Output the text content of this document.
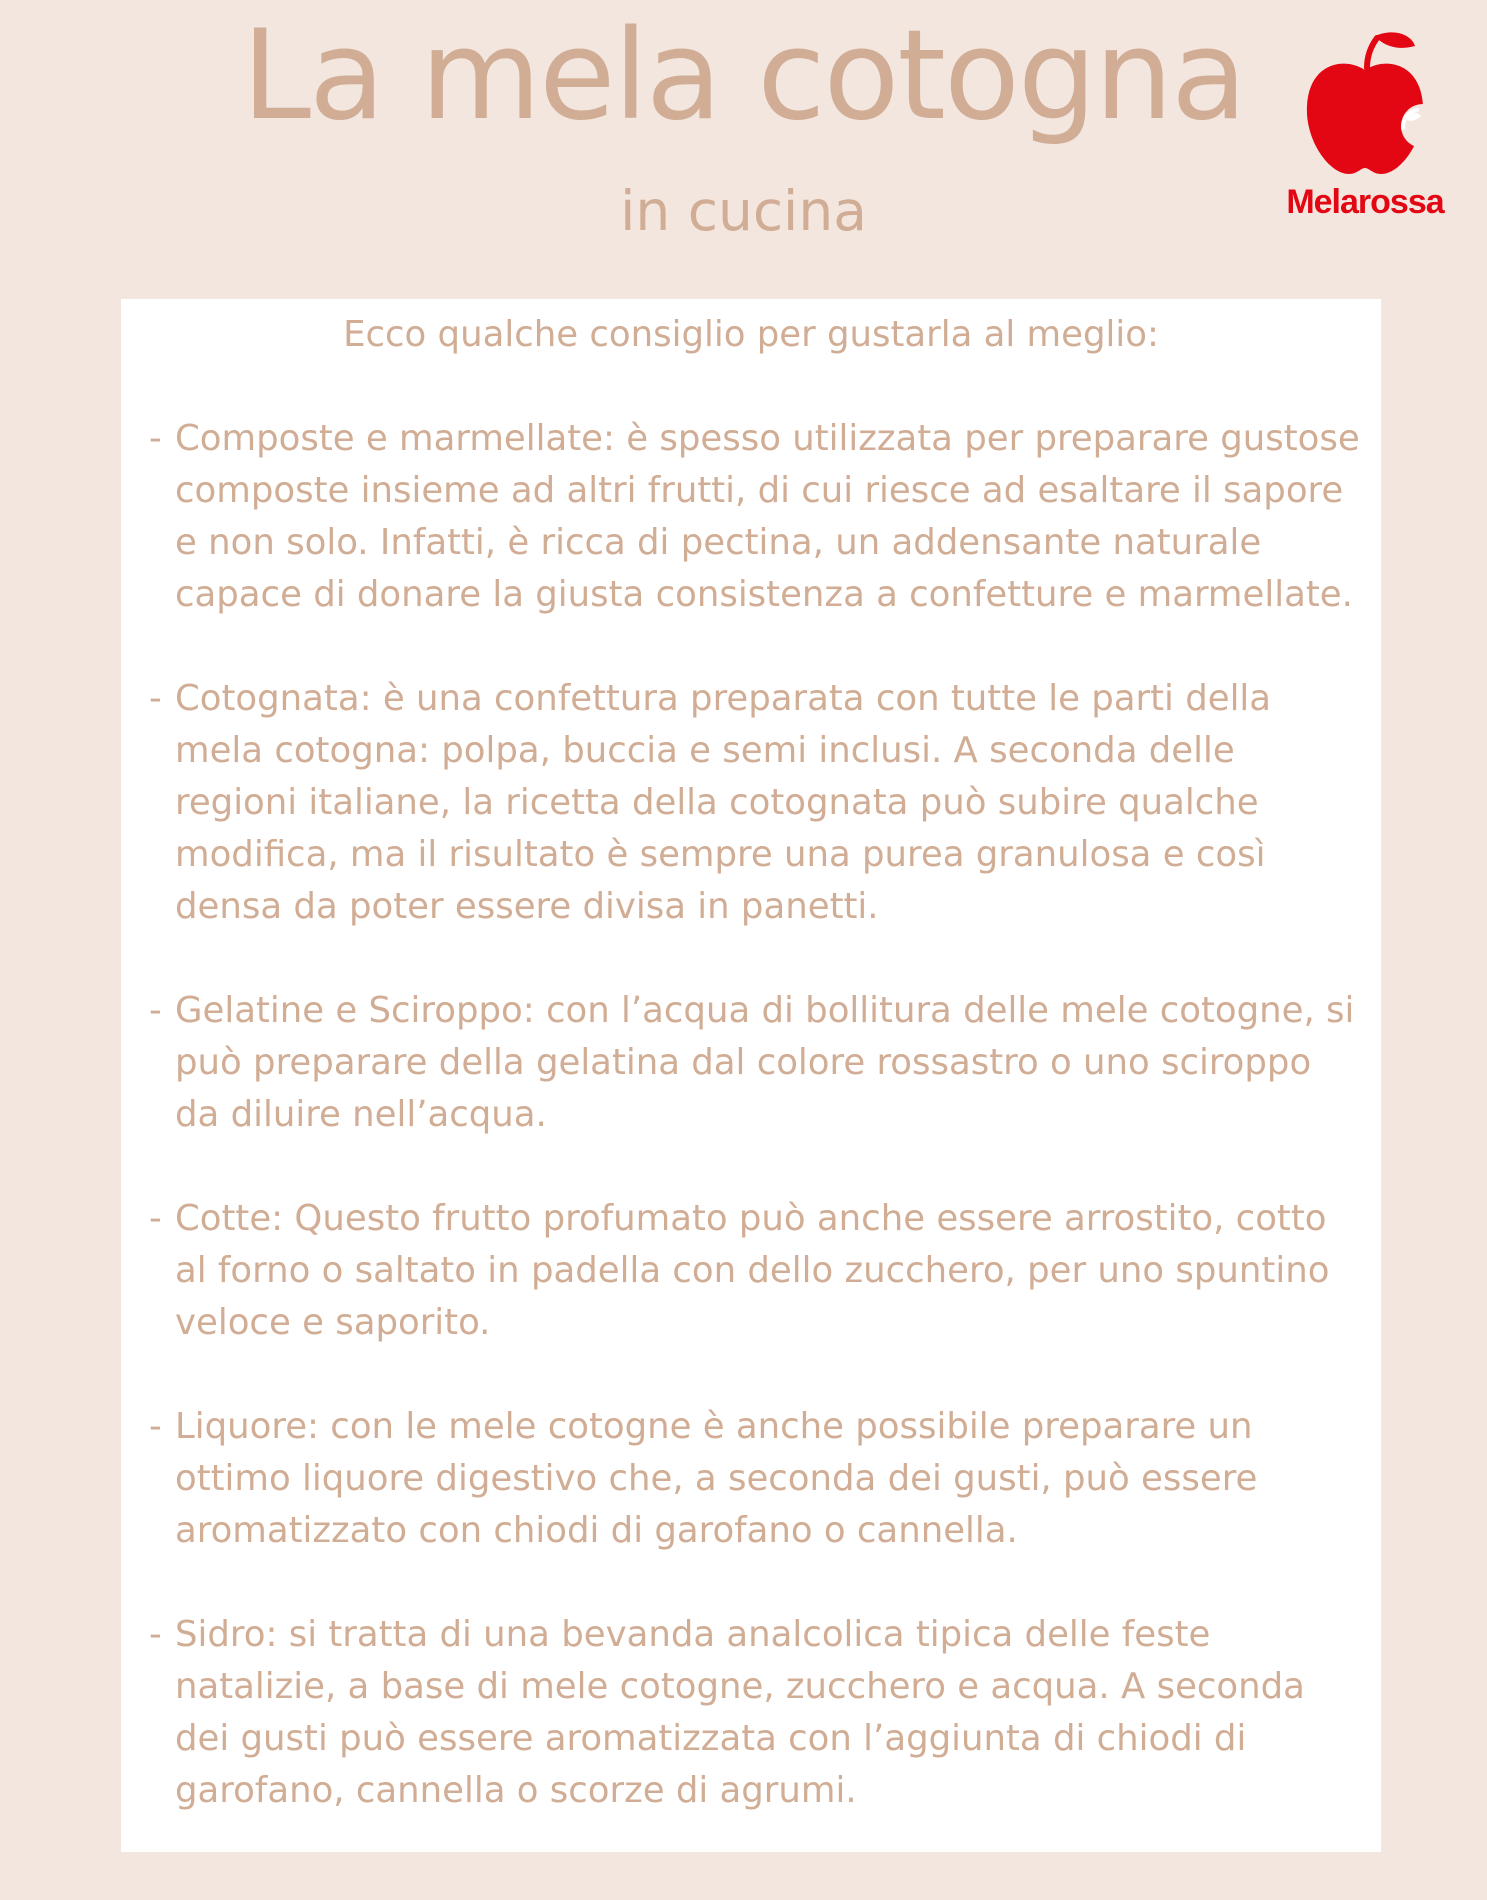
La mela cotogna
in cucina	Melarossa

Ecco qualche consiglio per gustarla al meglio:

- Composte e marmellate: è spesso utilizzata per preparare gustose composte insieme ad altri frutti, di cui riesce ad esaltare il sapore e non solo. Infatti, è ricca di pectina, un addensante naturale capace di donare la giusta consistenza a confetture e marmellate.
- Cotognata: è una confettura preparata con tutte le parti della mela cotogna: polpa, buccia e semi inclusi. A seconda delle regioni italiane, la ricetta della cotognata può subire qualche modifica, ma il risultato è sempre una purea granulosa e così densa da poter essere divisa in panetti.
- Gelatine e Sciroppo: con l’acqua di bollitura delle mele cotogne, si può preparare della gelatina dal colore rossastro o uno sciroppo da diluire nell’acqua.
- Cotte: Questo frutto profumato può anche essere arrostito, cotto al forno o saltato in padella con dello zucchero, per uno spuntino veloce e saporito.
- Liquore: con le mele cotogne è anche possibile preparare un ottimo liquore digestivo che, a seconda dei gusti, può essere aromatizzato con chiodi di garofano o cannella.
- Sidro: si tratta di una bevanda analcolica tipica delle feste natalizie, a base di mele cotogne, zucchero e acqua. A seconda dei gusti può essere aromatizzata con l’aggiunta di chiodi di garofano, cannella o scorze di agrumi.
